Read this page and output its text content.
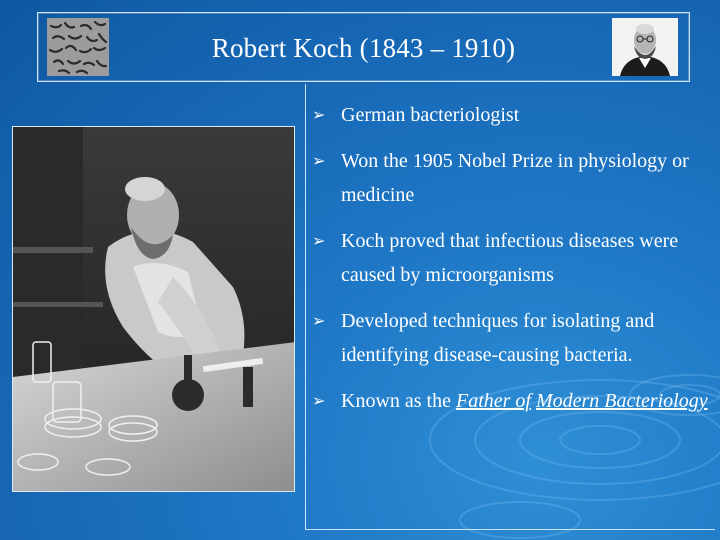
Robert Koch (1843 – 1910)
➢ German bacteriologist
➢ Won the 1905 Nobel Prize in physiology or medicine
➢ Koch proved that infectious diseases were caused by microorganisms
➢ Developed techniques for isolating and identifying disease-causing bacteria.
➢ Known as the Father of Modern Bacteriology
